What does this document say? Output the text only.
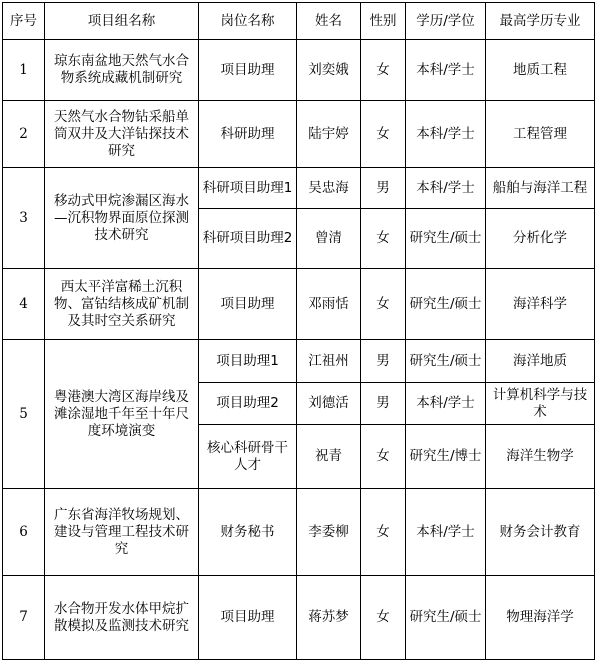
序号	项目组名称	岗位名称	姓名	性别	学历/学位	最高学历专业
1	琼东南盆地天然气水合物系统成藏机制研究	项目助理	刘奕娥	女	本科/学士	地质工程
2	天然气水合物钻采船单筒双井及大洋钻探技术研究	科研助理	陆宇婷	女	本科/学士	工程管理
3	移动式甲烷渗漏区海水—沉积物界面原位探测技术研究	科研项目助理1	吴忠海	男	本科/学士	船舶与海洋工程
		科研项目助理2	曾清	女	研究生/硕士	分析化学
4	西太平洋富稀土沉积物、富钴结核成矿机制及其时空关系研究	项目助理	邓雨恬	女	研究生/硕士	海洋科学
5	粤港澳大湾区海岸线及滩涂湿地千年至十年尺度环境演变	项目助理1	江祖州	男	研究生/硕士	海洋地质
		项目助理2	刘德活	男	本科/学士	计算机科学与技术
		核心科研骨干人才	祝青	女	研究生/博士	海洋生物学
6	广东省海洋牧场规划、建设与管理工程技术研究	财务秘书	李委柳	女	本科/学士	财务会计教育
7	水合物开发水体甲烷扩散模拟及监测技术研究	项目助理	蒋苏梦	女	研究生/硕士	物理海洋学
